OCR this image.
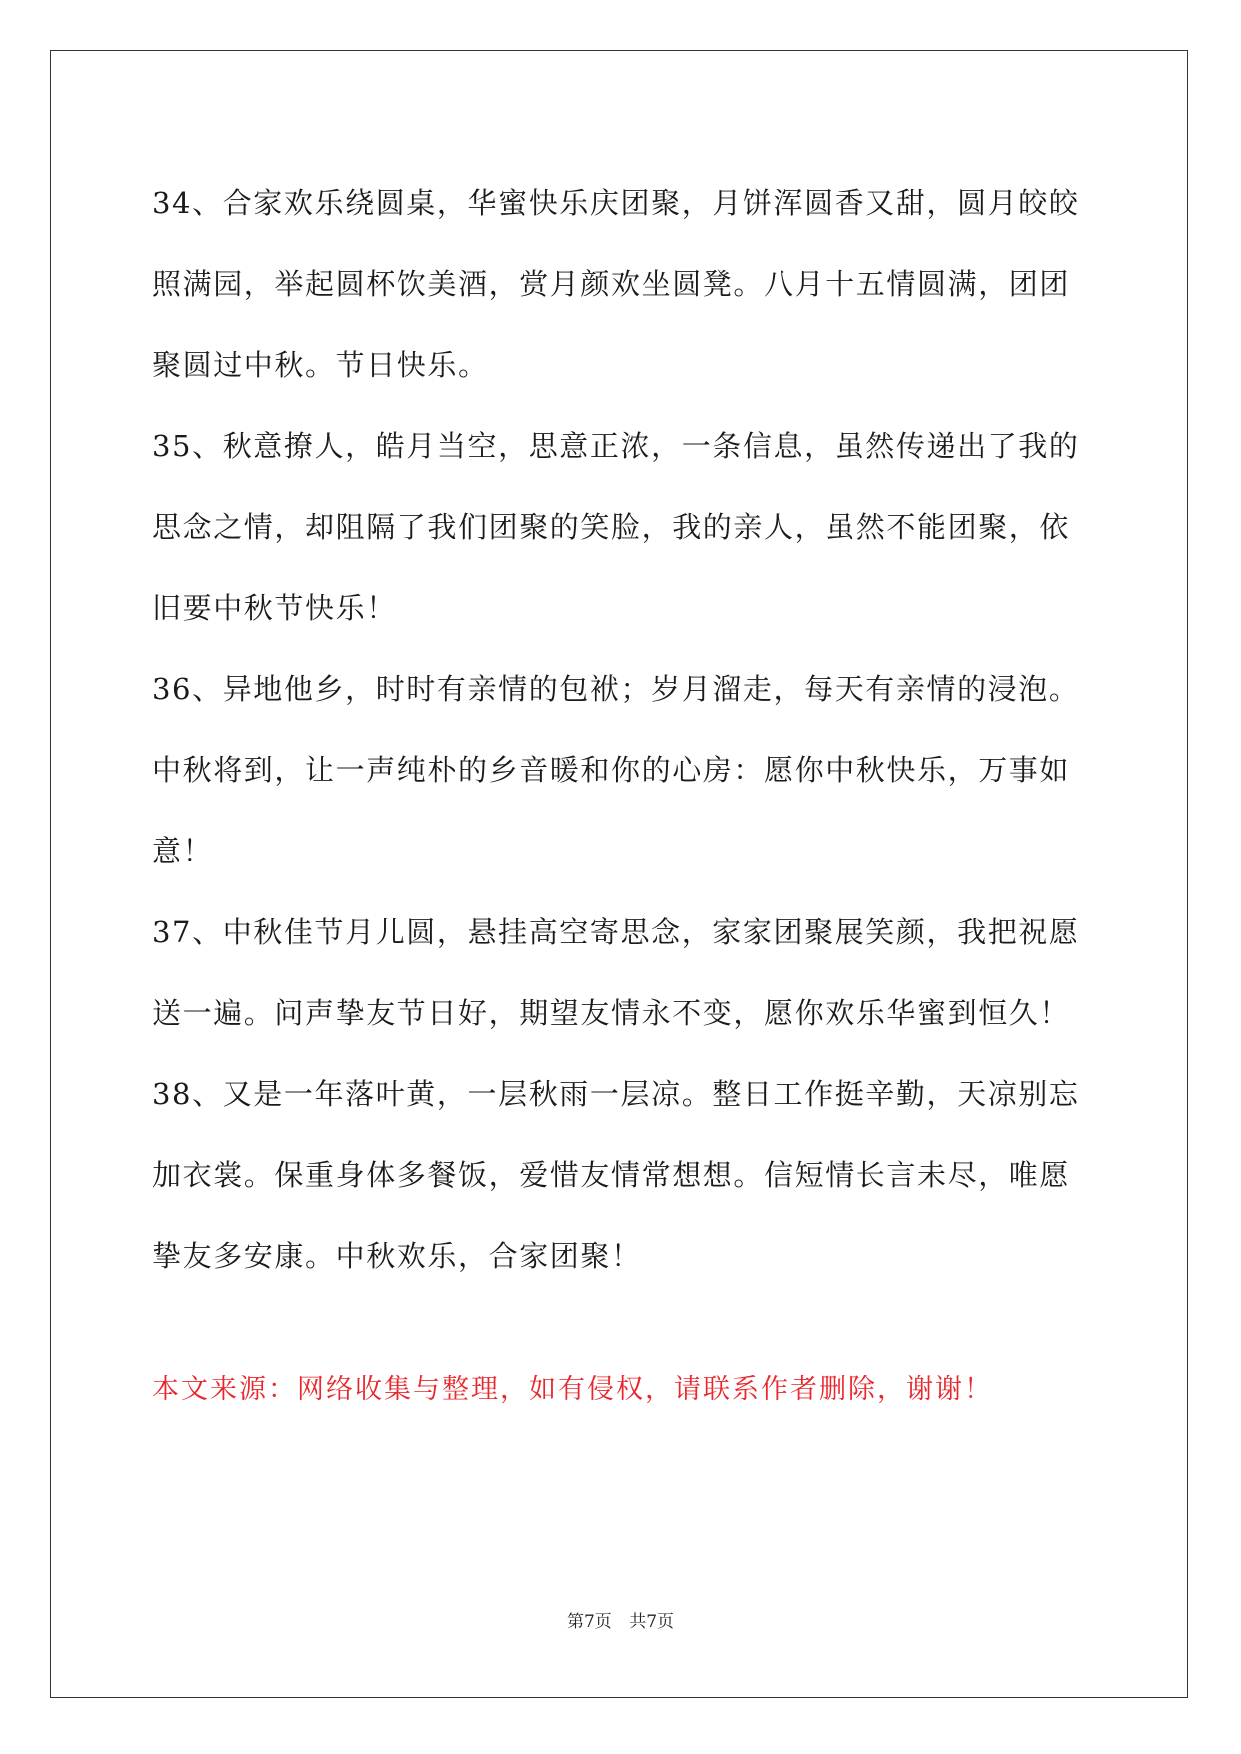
34、合家欢乐绕圆桌，华蜜快乐庆团聚，月饼浑圆香又甜，圆月皎皎照满园，举起圆杯饮美酒，赏月颜欢坐圆凳。八月十五情圆满，团团聚圆过中秋。节日快乐。

35、秋意撩人，皓月当空，思意正浓，一条信息，虽然传递出了我的思念之情，却阻隔了我们团聚的笑脸，我的亲人，虽然不能团聚，依旧要中秋节快乐！

36、异地他乡，时时有亲情的包袱；岁月溜走，每天有亲情的浸泡。中秋将到，让一声纯朴的乡音暖和你的心房：愿你中秋快乐，万事如意！

37、中秋佳节月儿圆，悬挂高空寄思念，家家团聚展笑颜，我把祝愿送一遍。问声挚友节日好，期望友情永不变，愿你欢乐华蜜到恒久！

38、又是一年落叶黄，一层秋雨一层凉。整日工作挺辛勤，天凉别忘加衣裳。保重身体多餐饭，爱惜友情常想想。信短情长言未尽，唯愿挚友多安康。中秋欢乐，合家团聚！

本文来源：网络收集与整理，如有侵权，请联系作者删除，谢谢！

第7页 共7页
